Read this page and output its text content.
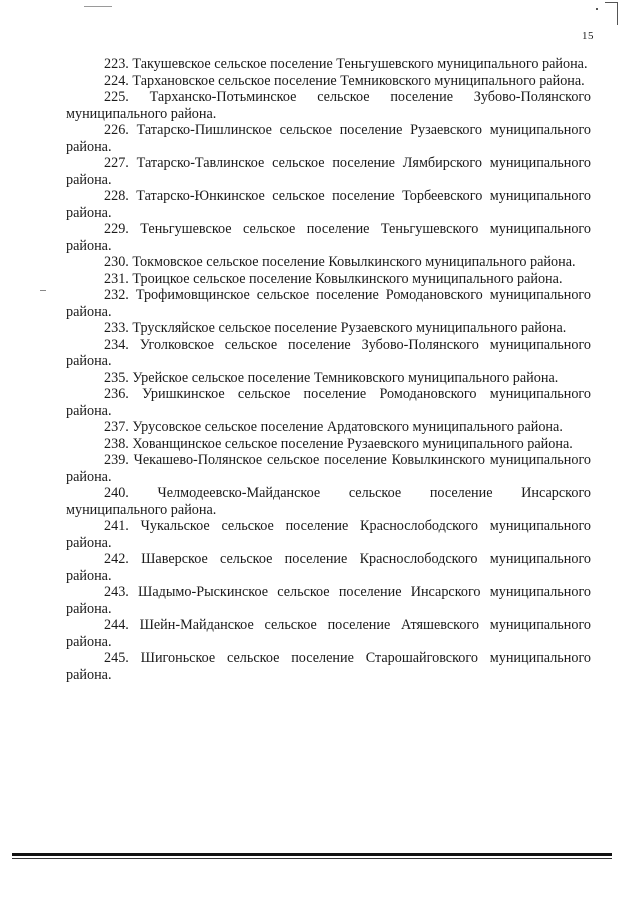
15

223. Такушевское сельское поселение Теньгушевского муниципального района.

224. Тархановское сельское поселение Темниковского муниципального района.

225. Тарханско-Потьминское сельское поселение Зубово-Полянского муниципального района.

226. Татарско-Пишлинское сельское поселение Рузаевского муниципального района.

227. Татарско-Тавлинское сельское поселение Лямбирского муниципального района.

228. Татарско-Юнкинское сельское поселение Торбеевского муниципального района.

229. Теньгушевское сельское поселение Теньгушевского муниципального района.

230. Токмовское сельское поселение Ковылкинского муниципального района.

231. Троицкое сельское поселение Ковылкинского муниципального района.

232. Трофимовщинское сельское поселение Ромодановского муниципального района.

233. Трускляйское сельское поселение Рузаевского муниципального района.

234. Уголковское сельское поселение Зубово-Полянского муниципального района.

235. Урейское сельское поселение Темниковского муниципального района.

236. Уришкинское сельское поселение Ромодановского муниципального района.

237. Урусовское сельское поселение Ардатовского муниципального района.

238. Хованщинское сельское поселение Рузаевского муниципального района.

239. Чекашево-Полянское сельское поселение Ковылкинского муниципального района.

240. Челмодеевско-Майданское сельское поселение Инсарского муниципального района.

241. Чукальское сельское поселение Краснослободского муниципального района.

242. Шаверское сельское поселение Краснослободского муниципального района.

243. Шадымо-Рыскинское сельское поселение Инсарского муниципального района.

244. Шейн-Майданское сельское поселение Атяшевского муниципального района.

245. Шигоньское сельское поселение Старошайговского муниципального района.
